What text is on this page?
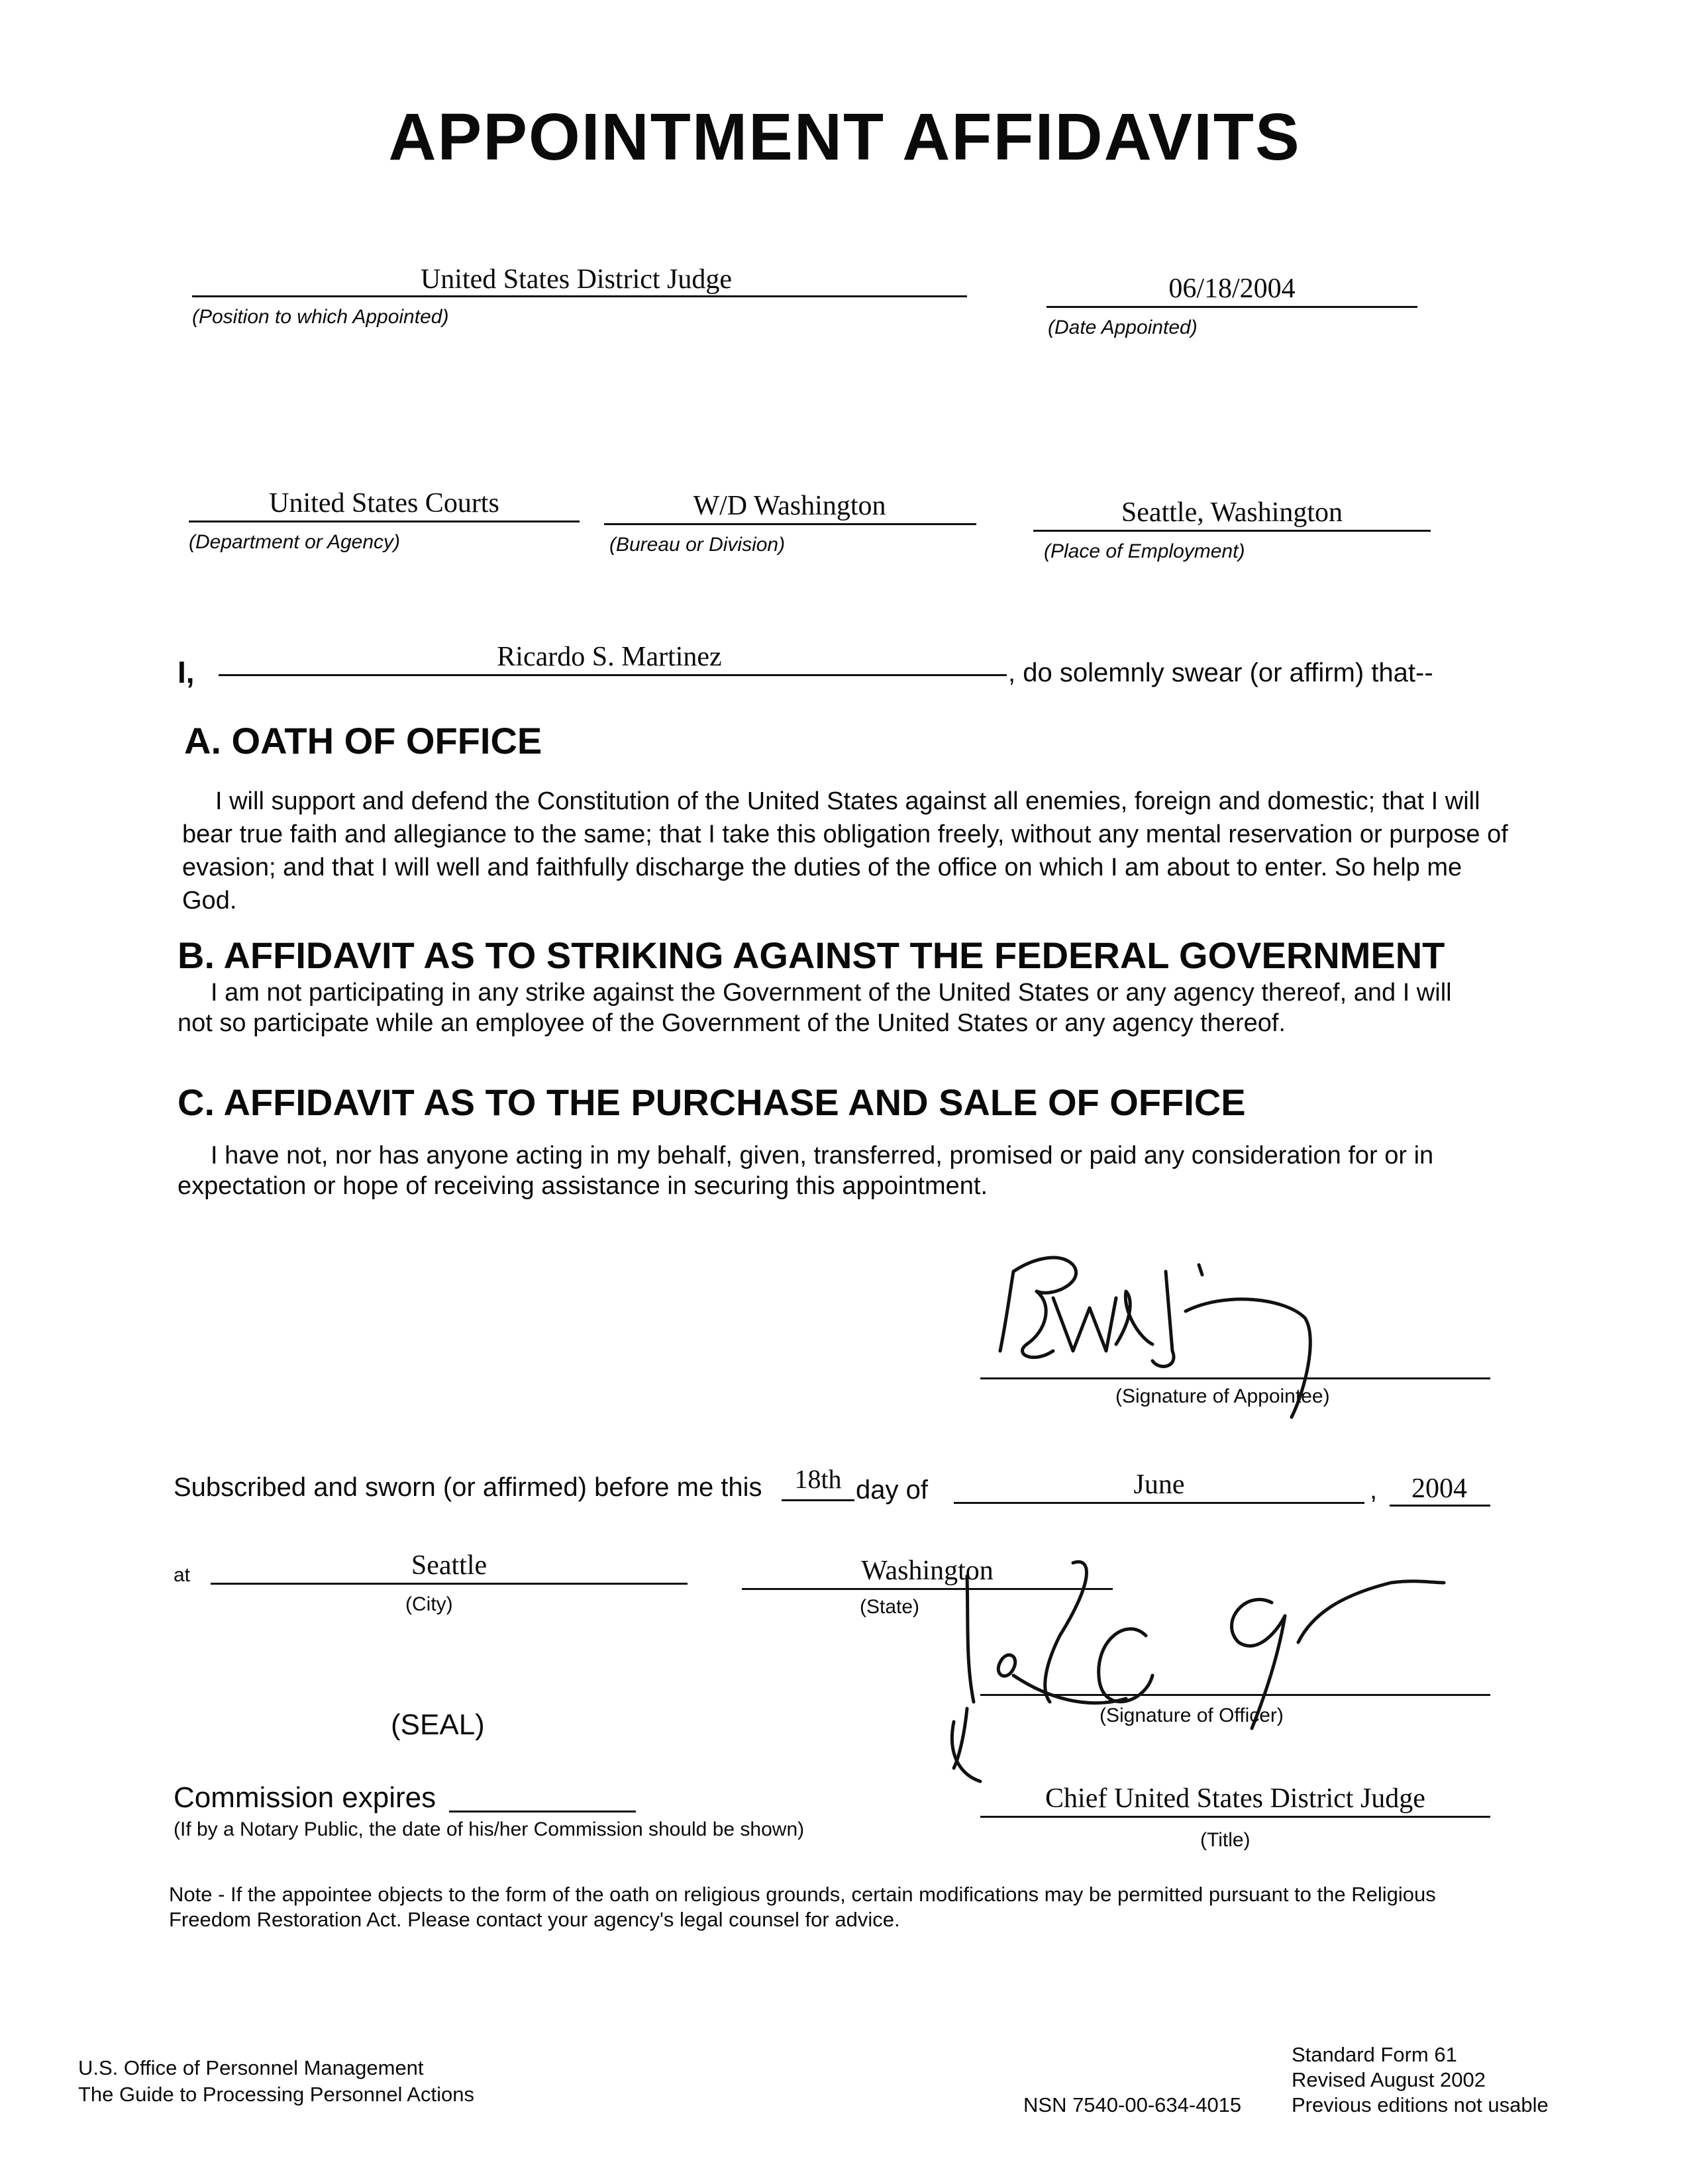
APPOINTMENT AFFIDAVITS
United States District Judge
(Position to which Appointed)
06/18/2004
(Date Appointed)
United States Courts
(Department or Agency)
W/D Washington
(Bureau or Division)
Seattle, Washington
(Place of Employment)
I,	Ricardo S. Martinez
, do solemnly swear (or affirm) that--
A. OATH OF OFFICE
I will support and defend the Constitution of the United States against all enemies, foreign and domestic; that I will bear true faith and allegiance to the same; that I take this obligation freely, without any mental reservation or purpose of evasion; and that I will well and faithfully discharge the duties of the office on which I am about to enter. So help me God.
B. AFFIDAVIT AS TO STRIKING AGAINST THE FEDERAL GOVERNMENT
I am not participating in any strike against the Government of the United States or any agency thereof, and I will not so participate while an employee of the Government of the United States or any agency thereof.
C. AFFIDAVIT AS TO THE PURCHASE AND SALE OF OFFICE
I have not, nor has anyone acting in my behalf, given, transferred, promised or paid any consideration for or in expectation or hope of receiving assistance in securing this appointment.
(Signature of Appointee)
Subscribed and sworn (or affirmed) before me this	18th day of	June	,	2004
at	Seattle
(City)
Washington
(State)
(Signature of Officer)
(SEAL)
Commission expires
(If by a Notary Public, the date of his/her Commission should be shown)
Chief United States District Judge
(Title)
Note - If the appointee objects to the form of the oath on religious grounds, certain modifications may be permitted pursuant to the Religious Freedom Restoration Act. Please contact your agency's legal counsel for advice.
U.S. Office of Personnel Management
The Guide to Processing Personnel Actions	NSN 7540-00-634-4015
Standard Form 61
Revised August 2002
Previous editions not usable
